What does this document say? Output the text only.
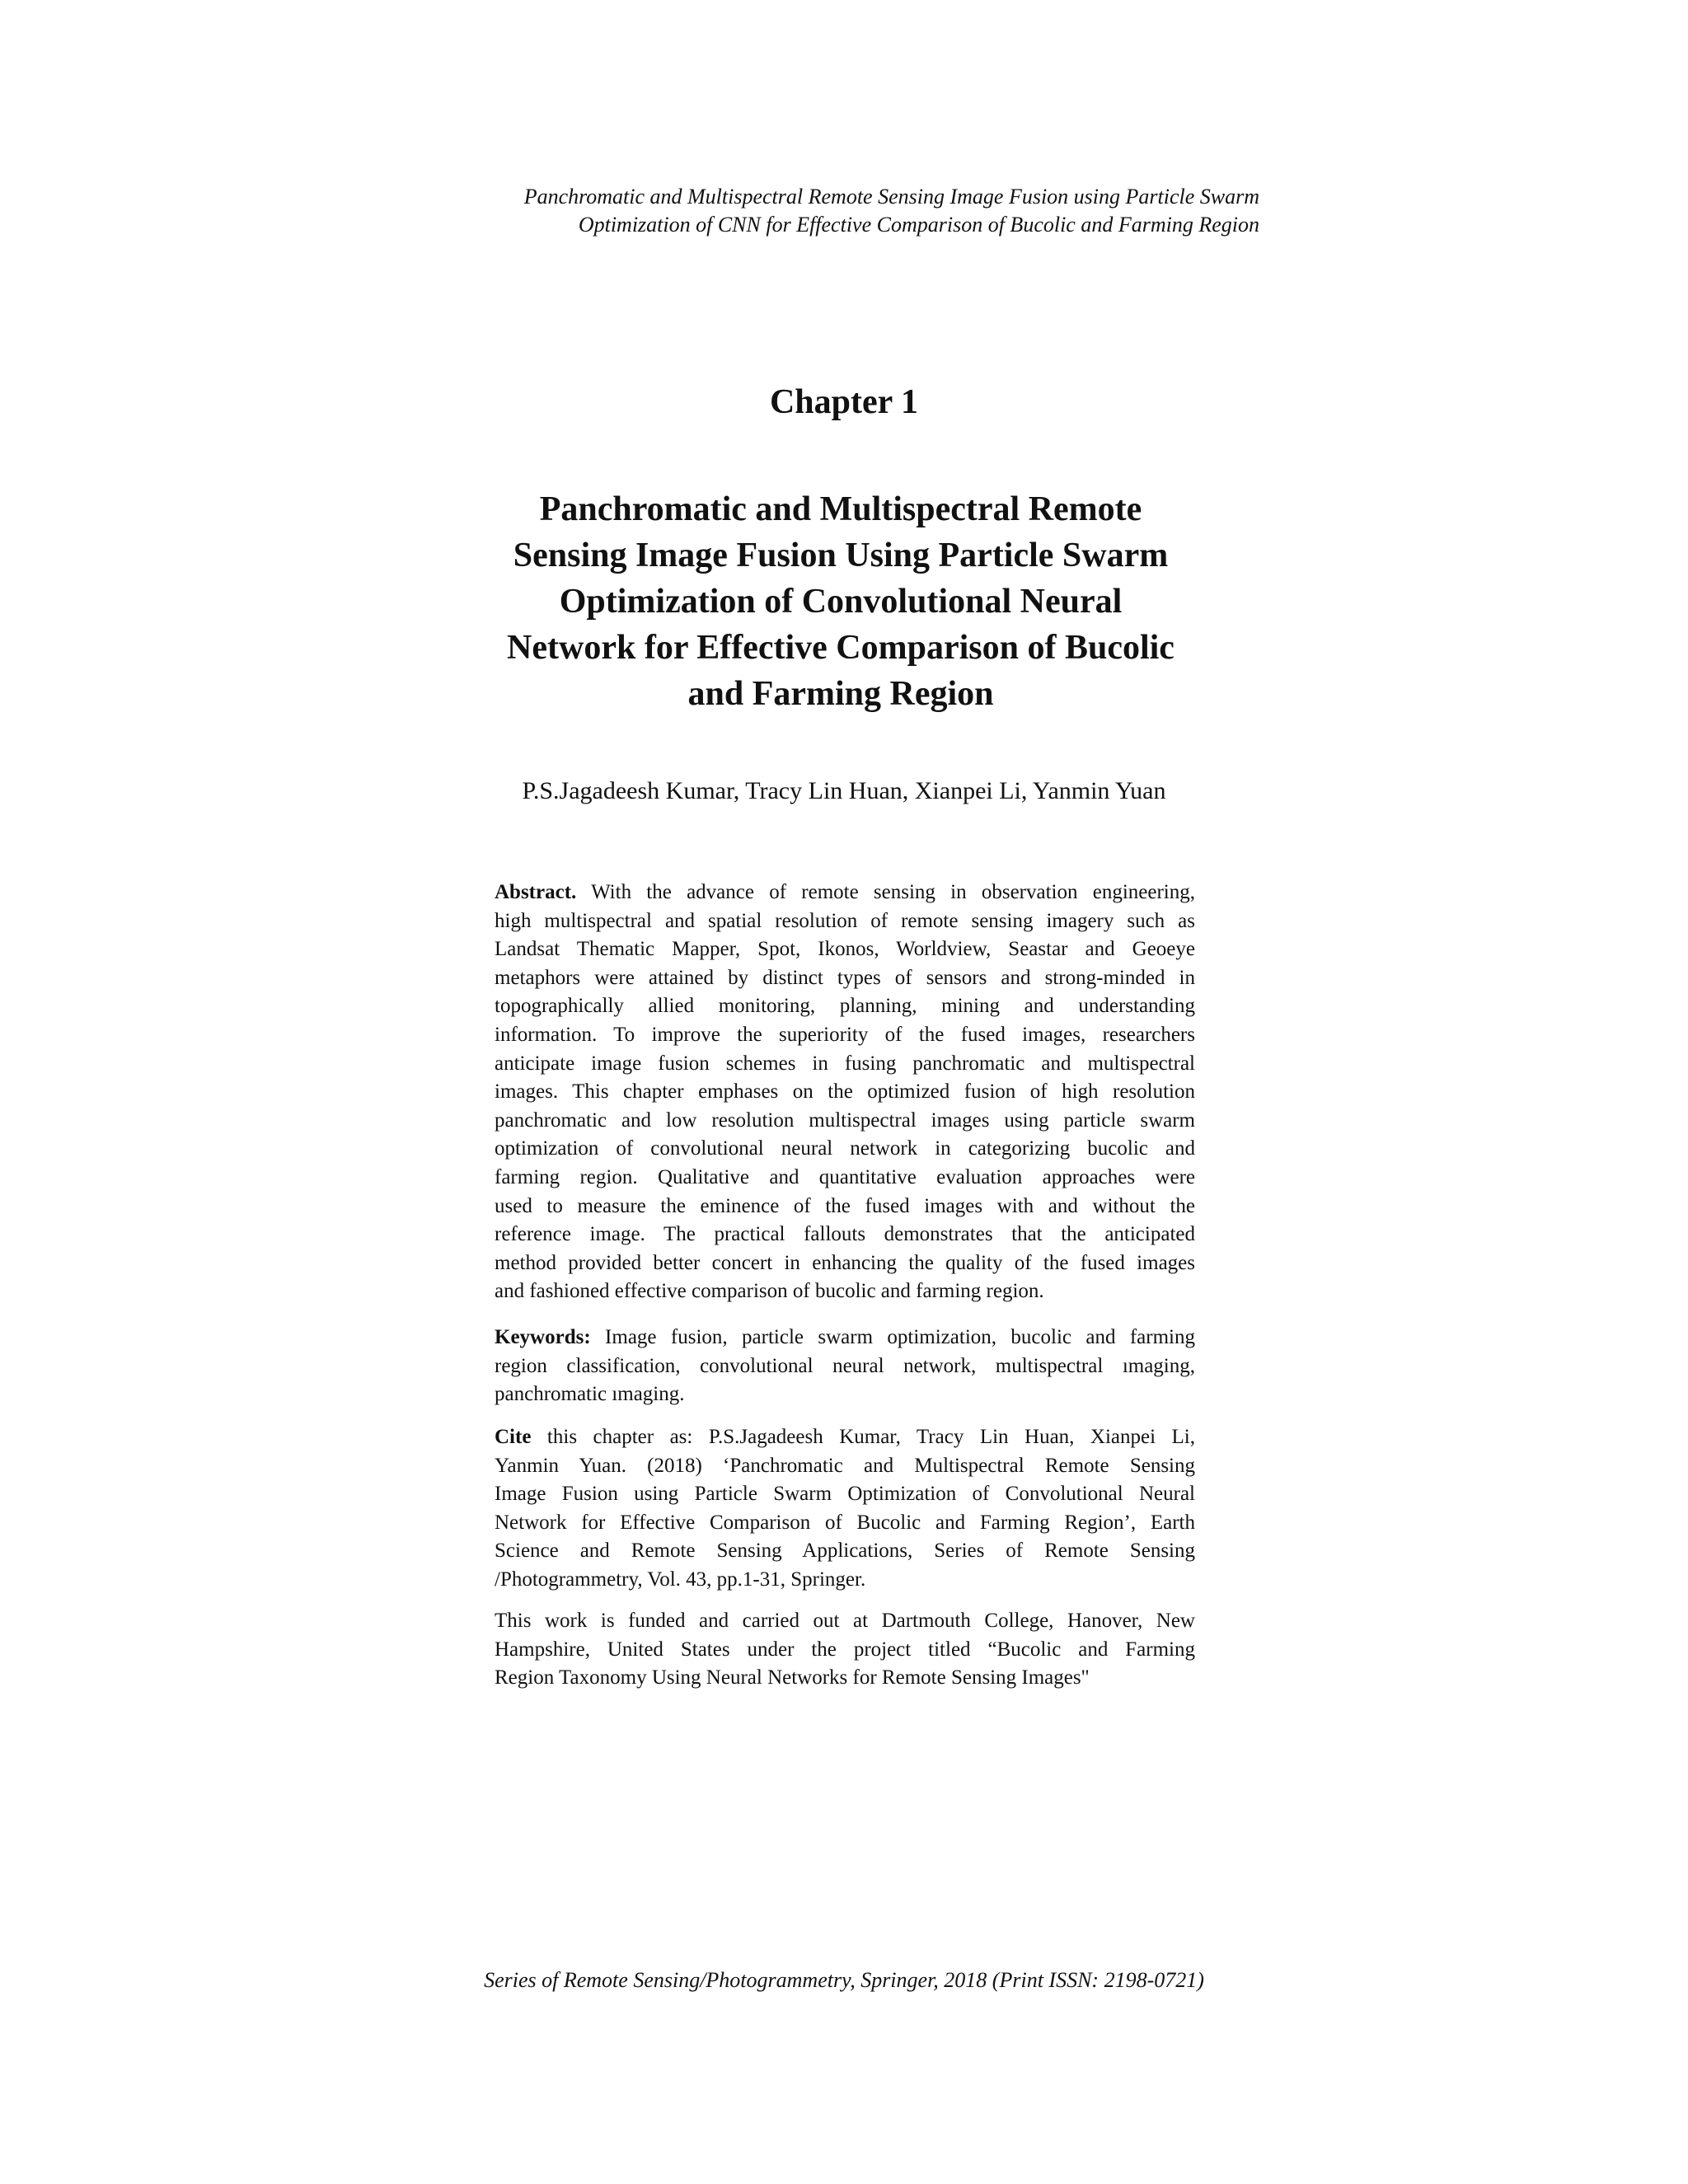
Panchromatic and Multispectral Remote Sensing Image Fusion using Particle Swarm
Optimization of CNN for Effective Comparison of Bucolic and Farming Region
Chapter 1
Panchromatic and Multispectral Remote
Sensing Image Fusion Using Particle Swarm
Optimization of Convolutional Neural
Network for Effective Comparison of Bucolic
and Farming Region
P.S.Jagadeesh Kumar, Tracy Lin Huan, Xianpei Li, Yanmin Yuan
Abstract. With the advance of remote sensing in observation engineering,
high multispectral and spatial resolution of remote sensing imagery such as
Landsat Thematic Mapper, Spot, Ikonos, Worldview, Seastar and Geoeye
metaphors were attained by distinct types of sensors and strong-minded in
topographically allied monitoring, planning, mining and understanding
information. To improve the superiority of the fused images, researchers
anticipate image fusion schemes in fusing panchromatic and multispectral
images. This chapter emphases on the optimized fusion of high resolution
panchromatic and low resolution multispectral images using particle swarm
optimization of convolutional neural network in categorizing bucolic and
farming region. Qualitative and quantitative evaluation approaches were
used to measure the eminence of the fused images with and without the
reference image. The practical fallouts demonstrates that the anticipated
method provided better concert in enhancing the quality of the fused images
and fashioned effective comparison of bucolic and farming region.
Keywords: Image fusion, particle swarm optimization, bucolic and farming
region classification, convolutional neural network, multispectral ımaging,
panchromatic ımaging.
Cite this chapter as: P.S.Jagadeesh Kumar, Tracy Lin Huan, Xianpei Li,
Yanmin Yuan. (2018) ‘Panchromatic and Multispectral Remote Sensing
Image Fusion using Particle Swarm Optimization of Convolutional Neural
Network for Effective Comparison of Bucolic and Farming Region’, Earth
Science and Remote Sensing Applications, Series of Remote Sensing
/Photogrammetry, Vol. 43, pp.1-31, Springer.
This work is funded and carried out at Dartmouth College, Hanover, New
Hampshire, United States under the project titled “Bucolic and Farming
Region Taxonomy Using Neural Networks for Remote Sensing Images"
Series of Remote Sensing/Photogrammetry, Springer, 2018 (Print ISSN: 2198-0721)
